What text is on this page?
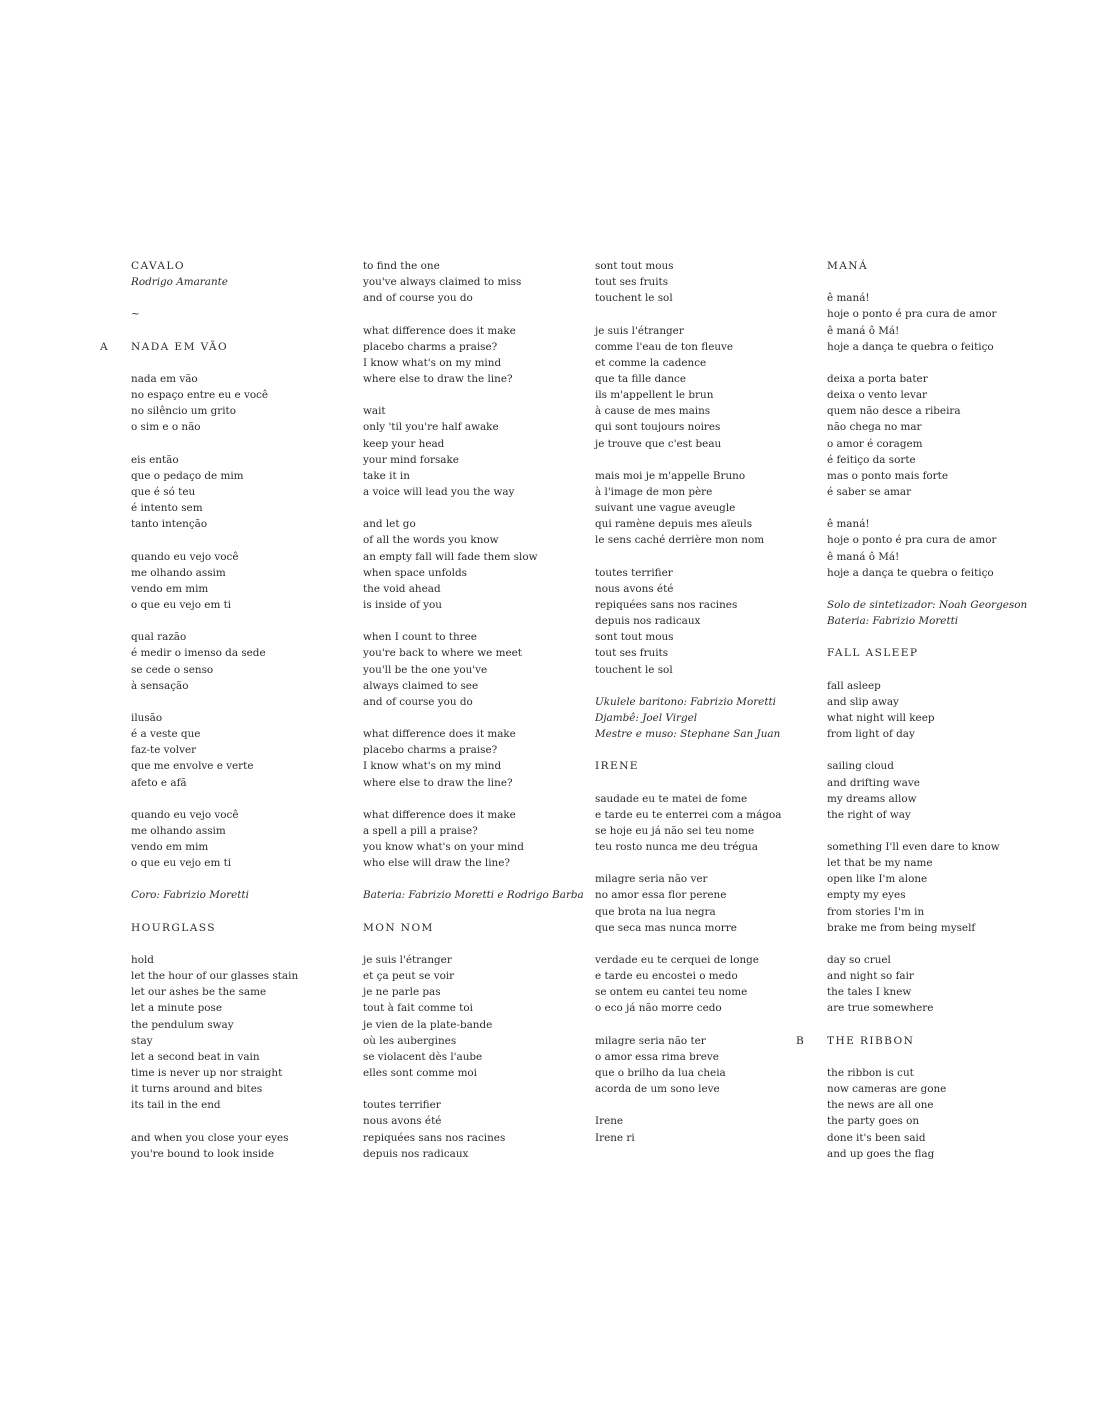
CAVALO
Rodrigo Amarante
~
NADA EM VÃO
A
nada em vão
no espaço entre eu e você
no silêncio um grito
o sim e o não
eis então
que o pedaço de mim
que é só teu
é intento sem
tanto intenção
quando eu vejo você
me olhando assim
vendo em mim
o que eu vejo em ti
qual razão
é medir o imenso da sede
se cede o senso
à sensação
ilusão
é a veste que
faz-te volver
que me envolve e verte
afeto e afã
quando eu vejo você
me olhando assim
vendo em mim
o que eu vejo em ti
Coro: Fabrizio Moretti
HOURGLASS
hold
let the hour of our glasses stain
let our ashes be the same
let a minute pose
the pendulum sway
stay
let a second beat in vain
time is never up nor straight
it turns around and bites
its tail in the end
and when you close your eyes
you're bound to look inside
to find the one
you've always claimed to miss
and of course you do
what difference does it make
placebo charms a praise?
I know what's on my mind
where else to draw the line?
wait
only 'til you're half awake
keep your head
your mind forsake
take it in
a voice will lead you the way
and let go
of all the words you know
an empty fall will fade them slow
when space unfolds
the void ahead
is inside of you
when I count to three
you're back to where we meet
you'll be the one you've
always claimed to see
and of course you do
what difference does it make
placebo charms a praise?
I know what's on my mind
where else to draw the line?
what difference does it make
a spell a pill a praise?
you know what's on your mind
who else will draw the line?
Bateria: Fabrizio Moretti e Rodrigo Barba
MON NOM
je suis l'étranger
et ça peut se voir
je ne parle pas
tout à fait comme toi
je vien de la plate-bande
où les aubergines
se violacent dès l'aube
elles sont comme moi
toutes terrifier
nous avons été
repiquées sans nos racines
depuis nos radicaux
sont tout mous
tout ses fruits
touchent le sol
je suis l'étranger
comme l'eau de ton fleuve
et comme la cadence
que ta fille dance
ils m'appellent le brun
à cause de mes mains
qui sont toujours noires
je trouve que c'est beau
mais moi je m'appelle Bruno
à l'image de mon père
suivant une vague aveugle
qui ramène depuis mes aïeuls
le sens caché derrière mon nom
toutes terrifier
nous avons été
repiquées sans nos racines
depuis nos radicaux
sont tout mous
tout ses fruits
touchent le sol
Ukulele baritono: Fabrizio Moretti
Djambê: Joel Virgel
Mestre e muso: Stephane San Juan
IRENE
saudade eu te matei de fome
e tarde eu te enterrei com a mágoa
se hoje eu já não sei teu nome
teu rosto nunca me deu trégua
milagre seria não ver
no amor essa flor perene
que brota na lua negra
que seca mas nunca morre
verdade eu te cerquei de longe
e tarde eu encostei o medo
se ontem eu cantei teu nome
o eco já não morre cedo
milagre seria não ter
o amor essa rima breve
que o brilho da lua cheia
acorda de um sono leve
Irene
Irene ri
MANÁ
ê maná!
hoje o ponto é pra cura de amor
ê maná ô Má!
hoje a dança te quebra o feitiço
deixa a porta bater
deixa o vento levar
quem não desce a ribeira
não chega no mar
o amor é coragem
é feitiço da sorte
mas o ponto mais forte
é saber se amar
ê maná!
hoje o ponto é pra cura de amor
ê maná ô Má!
hoje a dança te quebra o feitiço
Solo de sintetizador: Noah Georgeson
Bateria: Fabrizio Moretti
FALL ASLEEP
fall asleep
and slip away
what night will keep
from light of day
sailing cloud
and drifting wave
my dreams allow
the right of way
something I'll even dare to know
let that be my name
open like I'm alone
empty my eyes
from stories I'm in
brake me from being myself
day so cruel
and night so fair
the tales I knew
are true somewhere
THE RIBBON
B
the ribbon is cut
now cameras are gone
the news are all one
the party goes on
done it's been said
and up goes the flag
